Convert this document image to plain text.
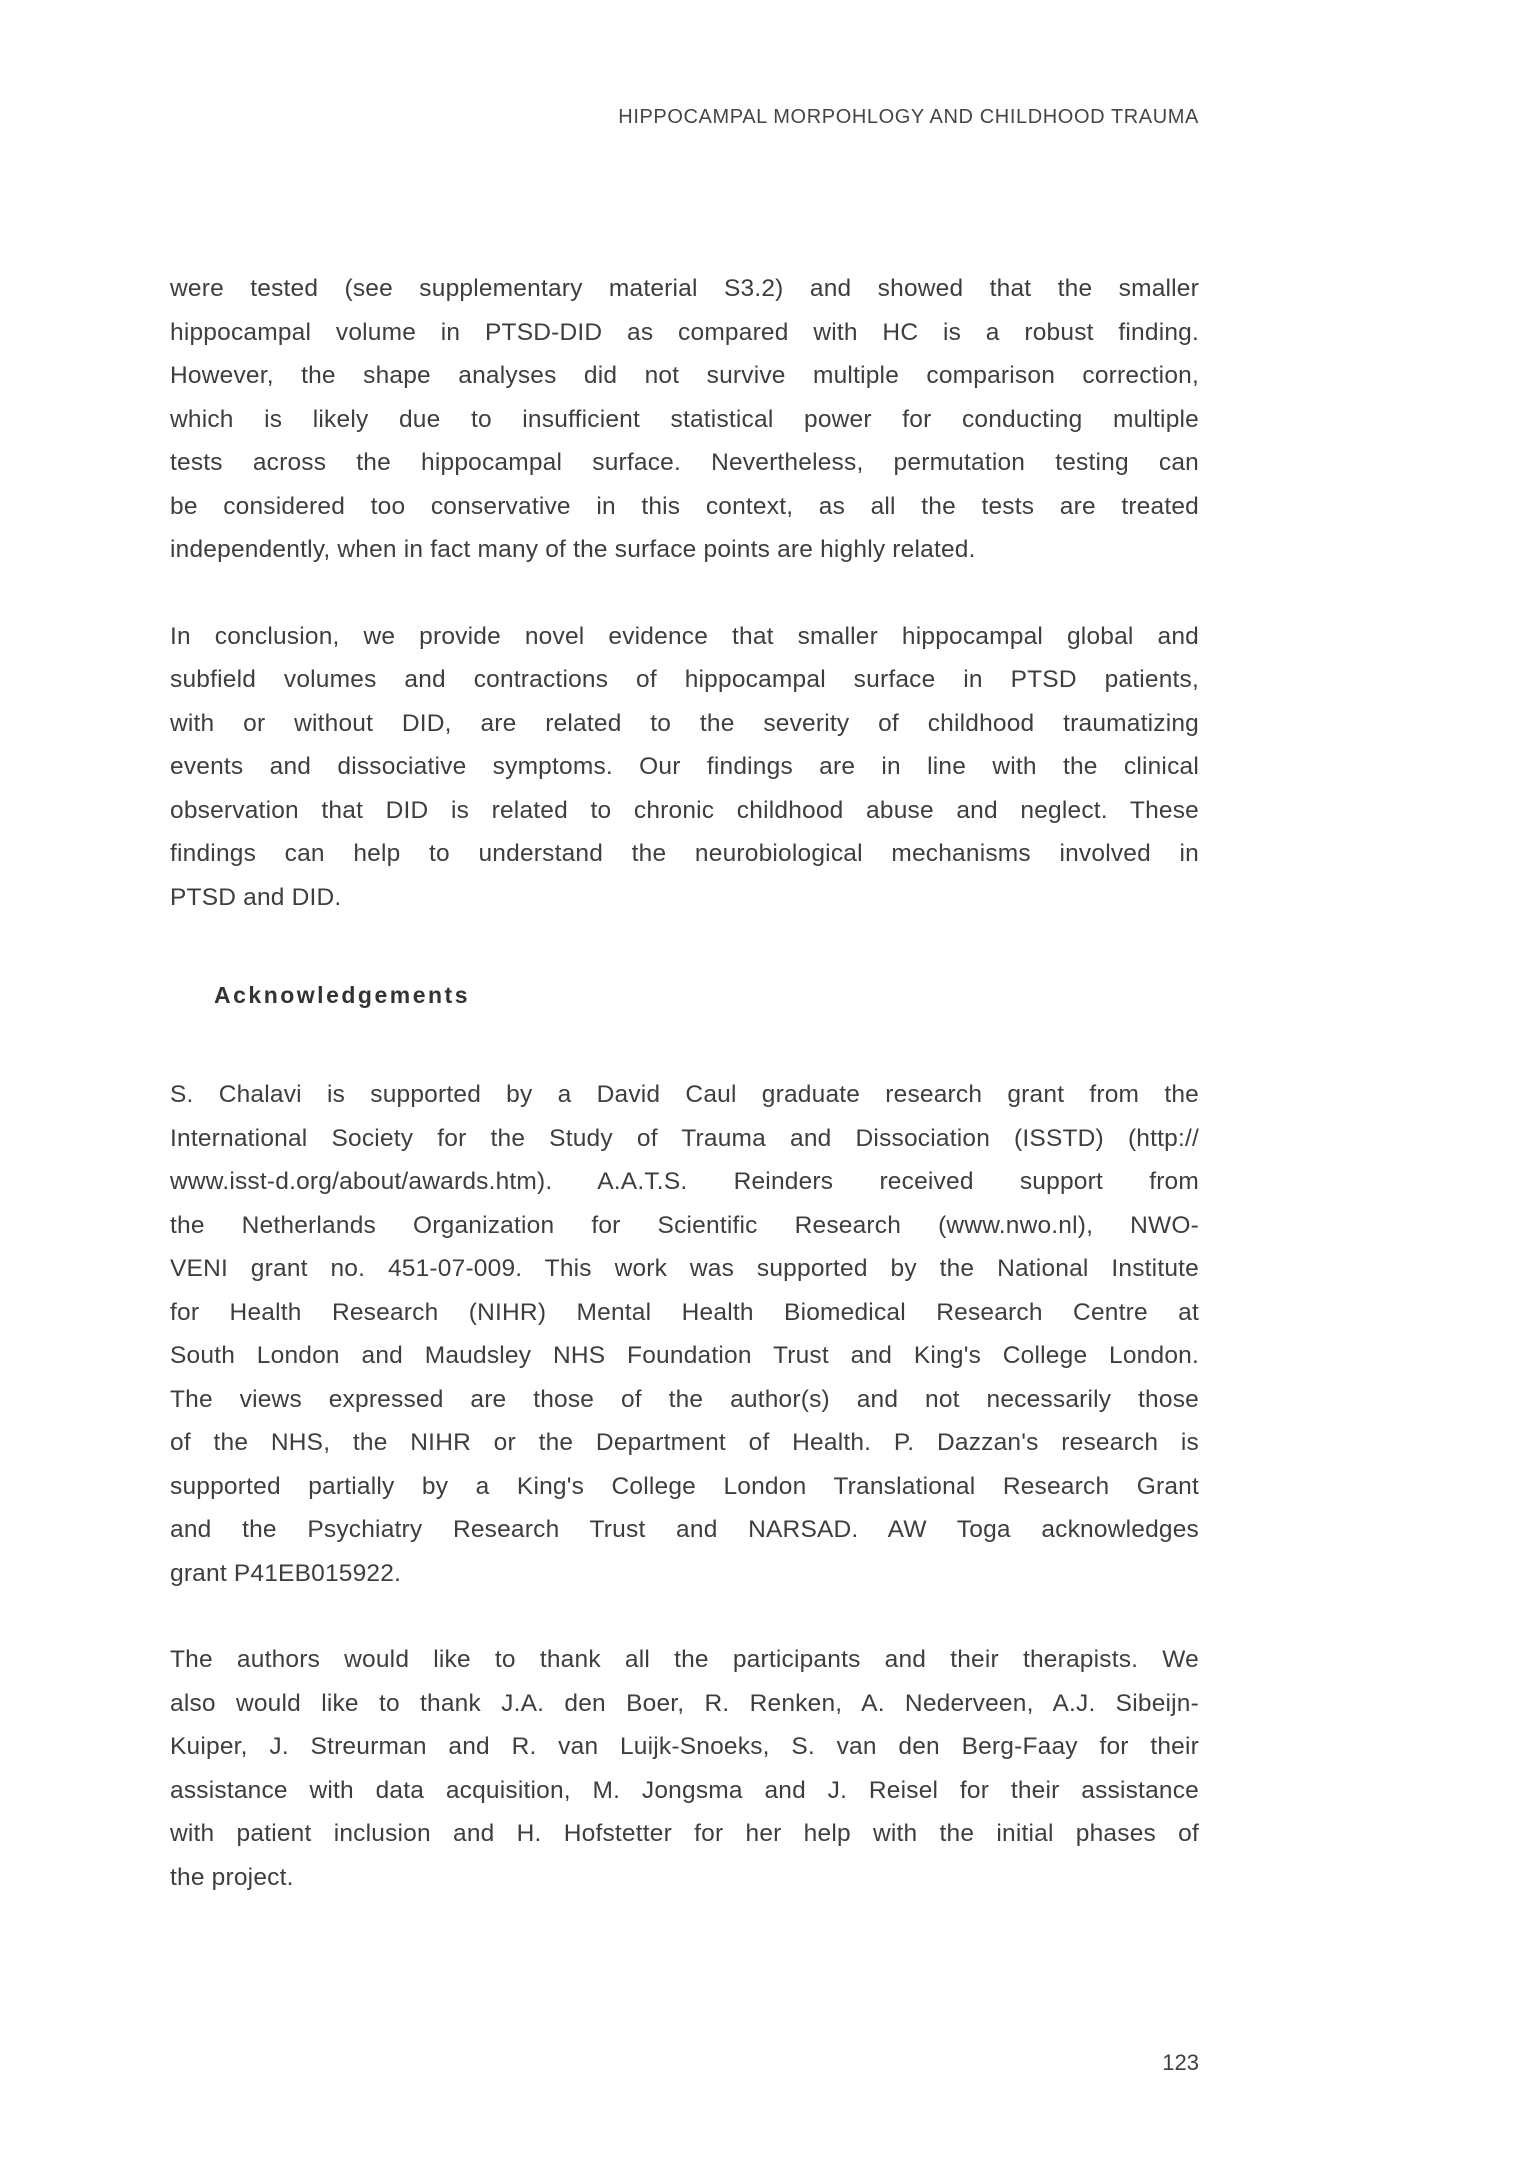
HIPPOCAMPAL MORPOHLOGY AND CHILDHOOD TRAUMA

were tested (see supplementary material S3.2) and showed that the smaller
hippocampal volume in PTSD-DID as compared with HC is a robust finding.
However, the shape analyses did not survive multiple comparison correction,
which is likely due to insufficient statistical power for conducting multiple
tests across the hippocampal surface. Nevertheless, permutation testing can
be considered too conservative in this context, as all the tests are treated
independently, when in fact many of the surface points are highly related.

In conclusion, we provide novel evidence that smaller hippocampal global and
subfield volumes and contractions of hippocampal surface in PTSD patients,
with or without DID, are related to the severity of childhood traumatizing
events and dissociative symptoms. Our findings are in line with the clinical
observation that DID is related to chronic childhood abuse and neglect. These
findings can help to understand the neurobiological mechanisms involved in
PTSD and DID.

Acknowledgements

S. Chalavi is supported by a David Caul graduate research grant from the
International Society for the Study of Trauma and Dissociation (ISSTD) (http://
www.isst-d.org/about/awards.htm). A.A.T.S. Reinders received support from
the Netherlands Organization for Scientific Research (www.nwo.nl), NWO-
VENI grant no. 451-07-009. This work was supported by the National Institute
for Health Research (NIHR) Mental Health Biomedical Research Centre at
South London and Maudsley NHS Foundation Trust and King's College London.
The views expressed are those of the author(s) and not necessarily those
of the NHS, the NIHR or the Department of Health. P. Dazzan's research is
supported partially by a King's College London Translational Research Grant
and the Psychiatry Research Trust and NARSAD. AW Toga acknowledges
grant P41EB015922.

The authors would like to thank all the participants and their therapists. We
also would like to thank J.A. den Boer, R. Renken, A. Nederveen, A.J. Sibeijn-
Kuiper, J. Streurman and R. van Luijk-Snoeks, S. van den Berg-Faay for their
assistance with data acquisition, M. Jongsma and J. Reisel for their assistance
with patient inclusion and H. Hofstetter for her help with the initial phases of
the project.

123
